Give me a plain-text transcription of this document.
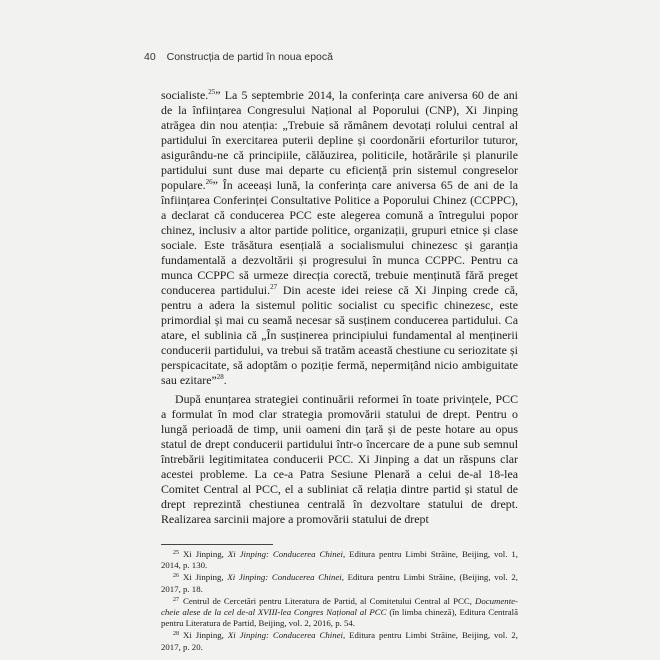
40 Construcția de partid în noua epocă

socialiste.$^{25}$” La 5 septembrie 2014, la conferința care aniversa 60 de ani de la înființarea Congresului Național al Poporului (CNP), Xi Jinping atrăgea din nou atenția: „Trebuie să rămânem devotați rolului central al partidului în exercitarea puterii depline și coordonării eforturilor tuturor, asigurându-ne că principiile, călăuzirea, politicile, hotărârile și planurile partidului sunt duse mai departe cu eficiență prin sistemul congreselor populare.$^{26}$” În aceeași lună, la conferința care aniversa 65 de ani de la înființarea Conferinței Consultative Politice a Poporului Chinez (CCPPC), a declarat că conducerea PCC este alegerea comună a întregului popor chinez, inclusiv a altor partide politice, organizații, grupuri etnice și clase sociale. Este trăsătura esențială a socialismului chinezesc și garanția fundamentală a dezvoltării și progresului în munca CCPPC. Pentru ca munca CCPPC să urmeze direcția corectă, trebuie menținută fără preget conducerea partidului.$^{27}$ Din aceste idei reiese că Xi Jinping crede că, pentru a adera la sistemul politic socialist cu specific chinezesc, este primordial și mai cu seamă necesar să susținem conducerea partidului. Ca atare, el sublinia că „În susținerea principiului fundamental al menținerii conducerii partidului, va trebui să tratăm această chestiune cu seriozitate și perspicacitate, să adoptăm o poziție fermă, nepermițând nicio ambiguitate sau ezitare”$^{28}$.

După enunțarea strategiei continuării reformei în toate privințele, PCC a formulat în mod clar strategia promovării statului de drept. Pentru o lungă perioadă de timp, unii oameni din țară și de peste hotare au opus statul de drept conducerii partidului într-o încercare de a pune sub semnul întrebării legitimitatea conducerii PCC. Xi Jinping a dat un răspuns clar acestei probleme. La ce-a Patra Sesiune Plenară a celui de-al 18-lea Comitet Central al PCC, el a subliniat că relația dintre partid și statul de drept reprezintă chestiunea centrală în dezvoltare statului de drept. Realizarea sarcinii majore a promovării statului de drept

$^{25}$ Xi Jinping, Xi Jinping: Conducerea Chinei, Editura pentru Limbi Străine, Beijing, vol. 1, 2014, p. 130.

$^{26}$ Xi Jinping, Xi Jinping: Conducerea Chinei, Editura pentru Limbi Străine, (Beijing, vol. 2, 2017, p. 18.

$^{27}$ Centrul de Cercetări pentru Literatura de Partid, al Comitetului Central al PCC, Documente-cheie alese de la cel de-al XVIII-lea Congres Național al PCC (în limba chineză), Editura Centrală pentru Literatura de Partid, Beijing, vol. 2, 2016, p. 54.

$^{28}$ Xi Jinping, Xi Jinping: Conducerea Chinei, Editura pentru Limbi Străine, Beijing, vol. 2, 2017, p. 20.
